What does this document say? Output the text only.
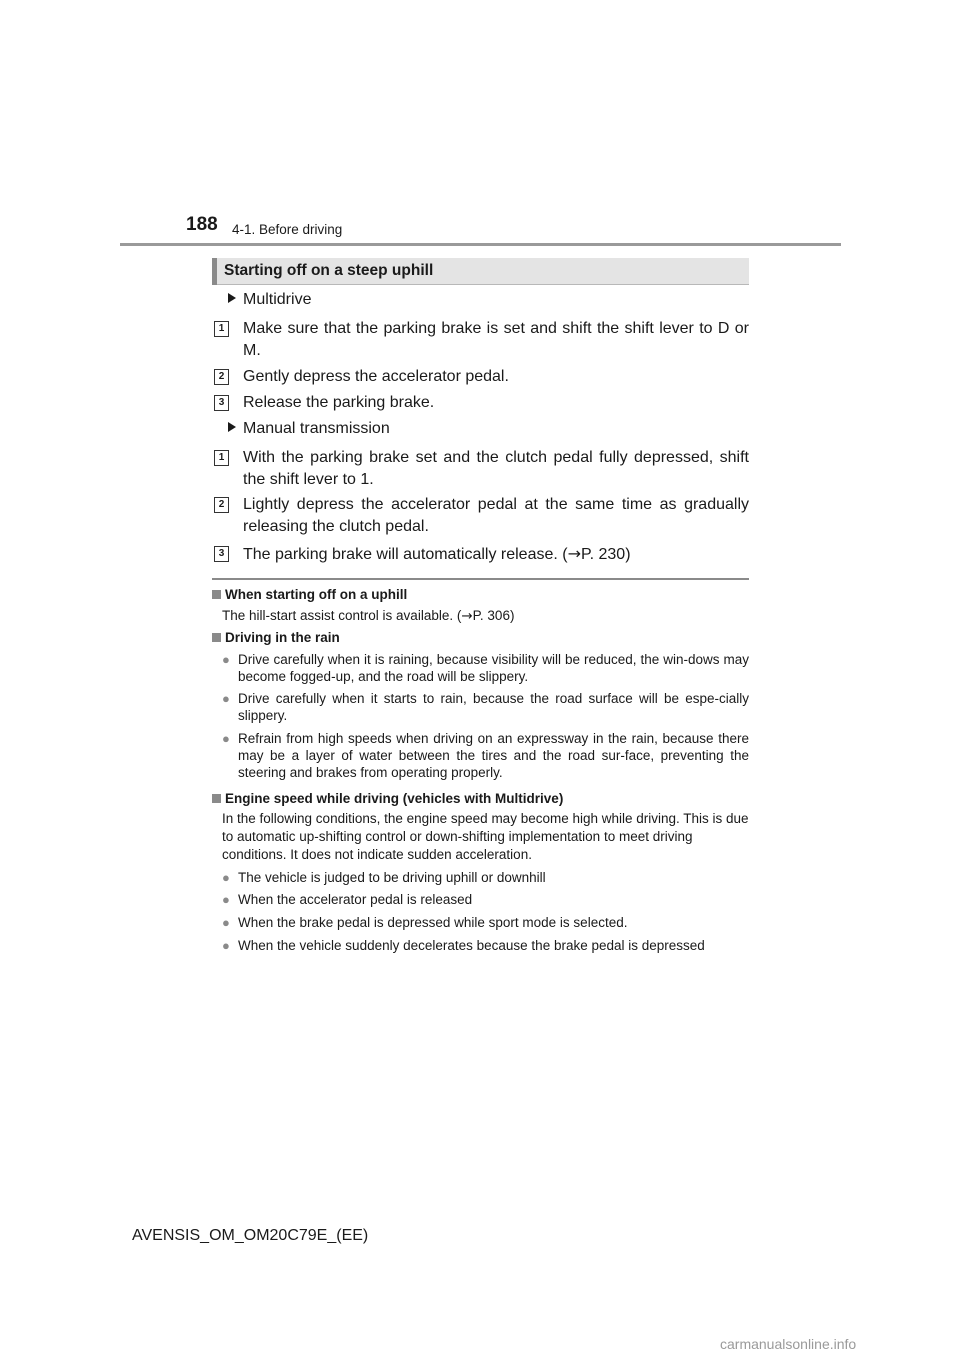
188 4-1. Before driving
Starting off on a steep uphill
Multidrive
1 Make sure that the parking brake is set and shift the shift lever to D or M.
2 Gently depress the accelerator pedal.
3 Release the parking brake.
Manual transmission
1 With the parking brake set and the clutch pedal fully depressed, shift the shift lever to 1.
2 Lightly depress the accelerator pedal at the same time as gradually releasing the clutch pedal.
3 The parking brake will automatically release. (→P. 230)
When starting off on a uphill
The hill-start assist control is available. (→P. 306)
Driving in the rain
● Drive carefully when it is raining, because visibility will be reduced, the win-dows may become fogged-up, and the road will be slippery.
● Drive carefully when it starts to rain, because the road surface will be espe-cially slippery.
● Refrain from high speeds when driving on an expressway in the rain, because there may be a layer of water between the tires and the road sur-face, preventing the steering and brakes from operating properly.
Engine speed while driving (vehicles with Multidrive)
In the following conditions, the engine speed may become high while driving. This is due to automatic up-shifting control or down-shifting implementation to meet driving conditions. It does not indicate sudden acceleration.
● The vehicle is judged to be driving uphill or downhill
● When the accelerator pedal is released
● When the brake pedal is depressed while sport mode is selected.
● When the vehicle suddenly decelerates because the brake pedal is depressed
AVENSIS_OM_OM20C79E_(EE)
carmanualsonline.info
